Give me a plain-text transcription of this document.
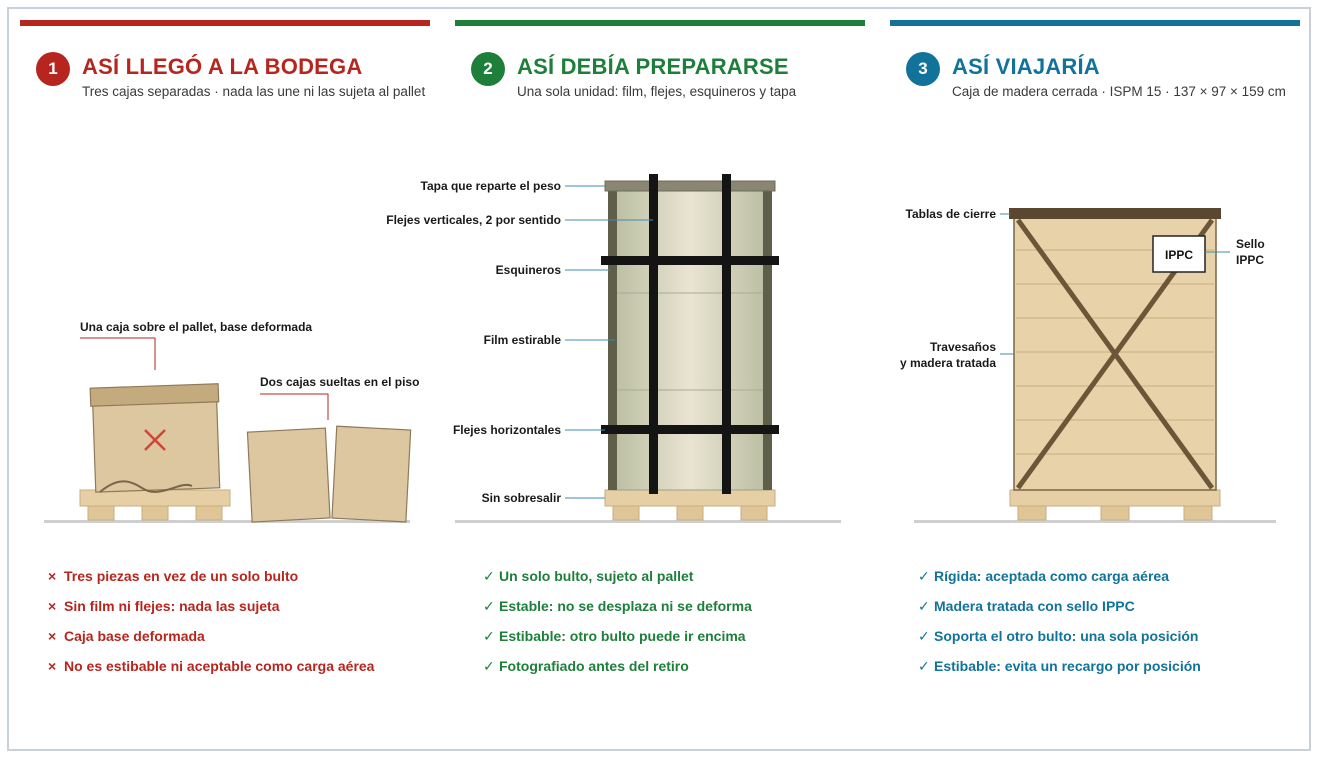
1	ASÍ LLEGÓ A LA BODEGA
Tres cajas separadas · nada las une ni las sujeta al pallet
Una caja sobre el pallet, base deformada
Dos cajas sueltas en el piso
× Tres piezas en vez de un solo bulto
× Sin film ni flejes: nada las sujeta
× Caja base deformada
× No es estibable ni aceptable como carga aérea
2	ASÍ DEBÍA PREPARARSE
Una sola unidad: film, flejes, esquineros y tapa
Tapa que reparte el peso
Flejes verticales, 2 por sentido
Esquineros
Film estirable
Flejes horizontales
Sin sobresalir
✓ Un solo bulto, sujeto al pallet
✓ Estable: no se desplaza ni se deforma
✓ Estibable: otro bulto puede ir encima
✓ Fotografiado antes del retiro
3	ASÍ VIAJARÍA
Caja de madera cerrada · ISPM 15 · 137 × 97 × 159 cm
IPPC
Tablas de cierre
Travesaños
y madera tratada
Sello
IPPC
✓ Rígida: aceptada como carga aérea
✓ Madera tratada con sello IPPC
✓ Soporta el otro bulto: una sola posición
✓ Estibable: evita un recargo por posición
